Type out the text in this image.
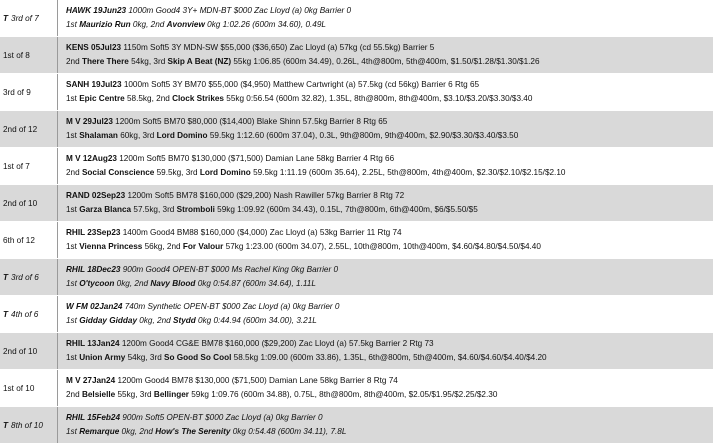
T 3rd of 7
HAWK 19Jun23 1000m Good4 3Y+ MDN-BT $000 Zac Lloyd (a) 0kg Barrier 0
1st Maurizio Run 0kg, 2nd Avonview 0kg 1:02.26 (600m 34.60), 0.49L
1st of 8
KENS 05Jul23 1150m Soft5 3Y MDN-SW $55,000 ($36,650) Zac Lloyd (a) 57kg (cd 55.5kg) Barrier 5
2nd There There 54kg, 3rd Skip A Beat (NZ) 55kg 1:06.85 (600m 34.49), 0.26L, 4th@800m, 5th@400m, $1.50/$1.28/$1.30/$1.26
3rd of 9
SANH 19Jul23 1000m Soft5 3Y BM70 $55,000 ($4,950) Matthew Cartwright (a) 57.5kg (cd 56kg) Barrier 6 Rtg 65
1st Epic Centre 58.5kg, 2nd Clock Strikes 55kg 0:56.54 (600m 32.82), 1.35L, 8th@800m, 8th@400m, $3.10/$3.20/$3.30/$3.40
2nd of 12
M V 29Jul23 1200m Soft5 BM70 $80,000 ($14,400) Blake Shinn 57.5kg Barrier 8 Rtg 65
1st Shalaman 60kg, 3rd Lord Domino 59.5kg 1:12.60 (600m 37.04), 0.3L, 9th@800m, 9th@400m, $2.90/$3.30/$3.40/$3.50
1st of 7
M V 12Aug23 1200m Soft5 BM70 $130,000 ($71,500) Damian Lane 58kg Barrier 4 Rtg 66
2nd Social Conscience 59.5kg, 3rd Lord Domino 59.5kg 1:11.19 (600m 35.64), 2.25L, 5th@800m, 4th@400m, $2.30/$2.10/$2.15/$2.10
2nd of 10
RAND 02Sep23 1200m Soft5 BM78 $160,000 ($29,200) Nash Rawiller 57kg Barrier 8 Rtg 72
1st Garza Blanca 57.5kg, 3rd Stromboli 59kg 1:09.92 (600m 34.43), 0.15L, 7th@800m, 6th@400m, $6/$5.50/$5
6th of 12
RHIL 23Sep23 1400m Good4 BM88 $160,000 ($4,000) Zac Lloyd (a) 53kg Barrier 11 Rtg 74
1st Vienna Princess 56kg, 2nd For Valour 57kg 1:23.00 (600m 34.07), 2.55L, 10th@800m, 10th@400m, $4.60/$4.80/$4.50/$4.40
T 3rd of 6
RHIL 18Dec23 900m Good4 OPEN-BT $000 Ms Rachel King 0kg Barrier 0
1st O'tycoon 0kg, 2nd Navy Blood 0kg 0:54.87 (600m 34.64), 1.11L
T 4th of 6
W FM 02Jan24 740m Synthetic OPEN-BT $000 Zac Lloyd (a) 0kg Barrier 0
1st Gidday Gidday 0kg, 2nd Stydd 0kg 0:44.94 (600m 34.00), 3.21L
2nd of 10
RHIL 13Jan24 1200m Good4 CG&E BM78 $160,000 ($29,200) Zac Lloyd (a) 57.5kg Barrier 2 Rtg 73
1st Union Army 54kg, 3rd So Good So Cool 58.5kg 1:09.00 (600m 33.86), 1.35L, 6th@800m, 5th@400m, $4.60/$4.60/$4.40/$4.20
1st of 10
M V 27Jan24 1200m Good4 BM78 $130,000 ($71,500) Damian Lane 58kg Barrier 8 Rtg 74
2nd Belsielle 55kg, 3rd Bellinger 59kg 1:09.76 (600m 34.88), 0.75L, 8th@800m, 8th@400m, $2.05/$1.95/$2.25/$2.30
T 8th of 10
RHIL 15Feb24 900m Soft5 OPEN-BT $000 Zac Lloyd (a) 0kg Barrier 0
1st Remarque 0kg, 2nd How's The Serenity 0kg 0:54.48 (600m 34.11), 7.8L
